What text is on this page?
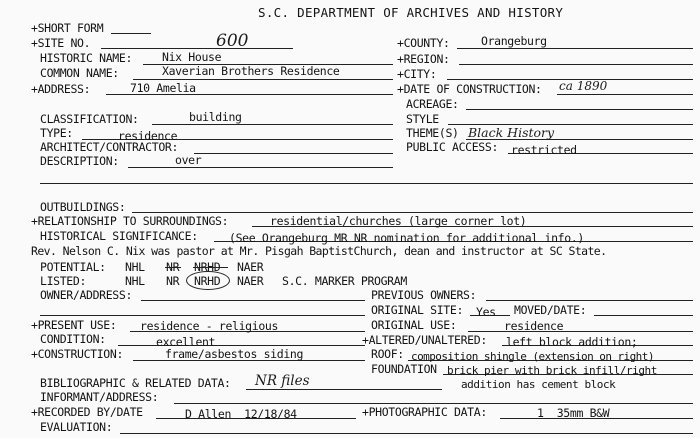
S.C. DEPARTMENT OF ARCHIVES AND HISTORY
+SHORT FORM
+SITE NO.	600	+COUNTY:	Orangeburg
HISTORIC NAME:	Nix House	+REGION:
COMMON NAME:	Xaverian Brothers Residence	+CITY:
+ADDRESS:	710 Amelia	+DATE OF CONSTRUCTION: ca 1890
ACREAGE:
CLASSIFICATION:	building	STYLE
TYPE:	residence	THEME(S) Black History
ARCHITECT/CONTRACTOR:	PUBLIC ACCESS: restricted
DESCRIPTION:	over
OUTBUILDINGS:
+RELATIONSHIP TO SURROUNDINGS:	residential/churches (large corner lot)
HISTORICAL SIGNIFICANCE:	(See Orangeburg MR NR nomination for additional info.)
Rev. Nelson C. Nix was pastor at Mr. Pisgah BaptistChurch, dean and instructor at SC State.
POTENTIAL: NHL NR NRHD NAER
LISTED:	NHL NR NRHD NAER S.C. MARKER PROGRAM
OWNER/ADDRESS:	PREVIOUS OWNERS:
ORIGINAL SITE: Yes MOVED/DATE:
+PRESENT USE: residence - religious	ORIGINAL USE:	residence
CONDITION:	excellent	+ALTERED/UNALTERED: left block addition;
+CONSTRUCTION:	frame/asbestos siding	ROOF: composition shingle (extension on right)
FOUNDATION brick pier with brick infill/right
addition has cement block
BIBLIOGRAPHIC & RELATED DATA: NR files
INFORMANT/ADDRESS:
+RECORDED BY/DATE	D Allen  12/18/84	+PHOTOGRAPHIC DATA:	1  35mm B&W
EVALUATION:
